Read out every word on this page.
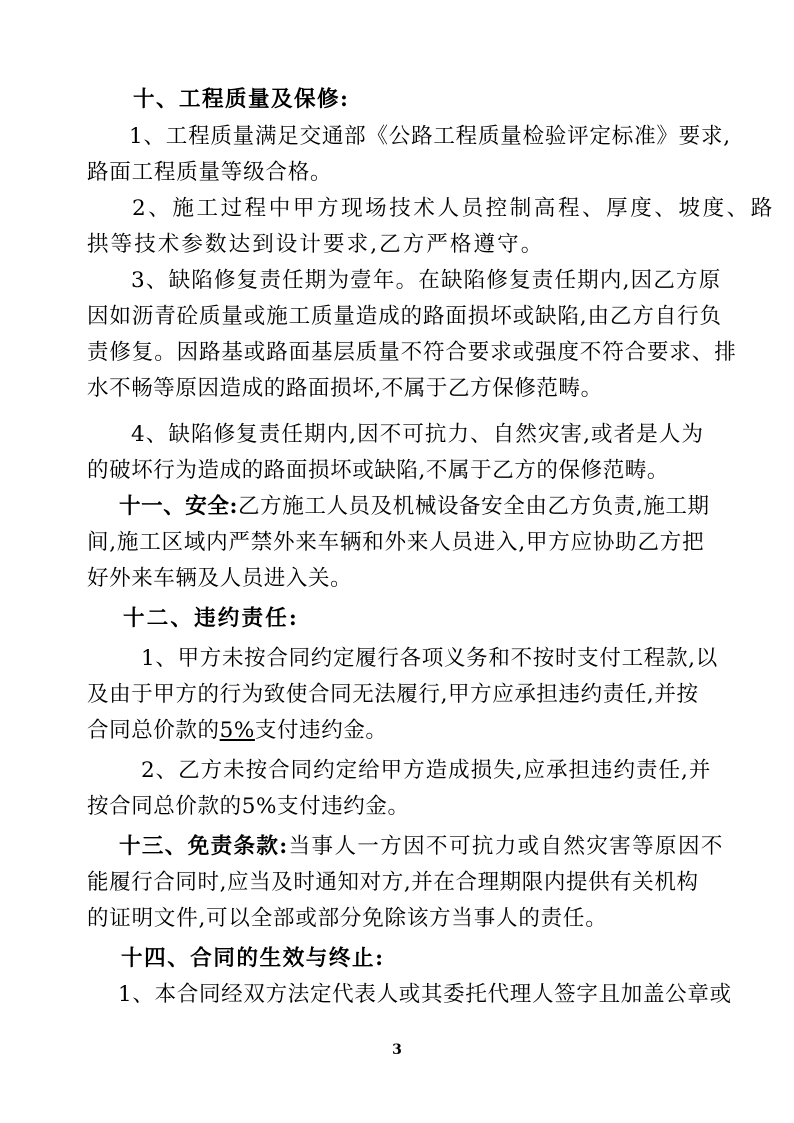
十、工程质量及保修:
1、工程质量满足交通部《公路工程质量检验评定标准》要求,
路面工程质量等级合格。
2、施工过程中甲方现场技术人员控制高程、厚度、坡度、路
拱等技术参数达到设计要求,乙方严格遵守。
3、缺陷修复责任期为壹年。在缺陷修复责任期内,因乙方原
因如沥青砼质量或施工质量造成的路面损坏或缺陷,由乙方自行负
责修复。因路基或路面基层质量不符合要求或强度不符合要求、排
水不畅等原因造成的路面损坏,不属于乙方保修范畴。
4、缺陷修复责任期内,因不可抗力、自然灾害,或者是人为
的破坏行为造成的路面损坏或缺陷,不属于乙方的保修范畴。
十一、安全:乙方施工人员及机械设备安全由乙方负责,施工期
间,施工区域内严禁外来车辆和外来人员进入,甲方应协助乙方把
好外来车辆及人员进入关。
十二、违约责任:
1、甲方未按合同约定履行各项义务和不按时支付工程款,以
及由于甲方的行为致使合同无法履行,甲方应承担违约责任,并按
合同总价款的5%支付违约金。
2、乙方未按合同约定给甲方造成损失,应承担违约责任,并
按合同总价款的5%支付违约金。
十三、免责条款:当事人一方因不可抗力或自然灾害等原因不
能履行合同时,应当及时通知对方,并在合理期限内提供有关机构
的证明文件,可以全部或部分免除该方当事人的责任。
十四、合同的生效与终止:
1、本合同经双方法定代表人或其委托代理人签字且加盖公章或
3
